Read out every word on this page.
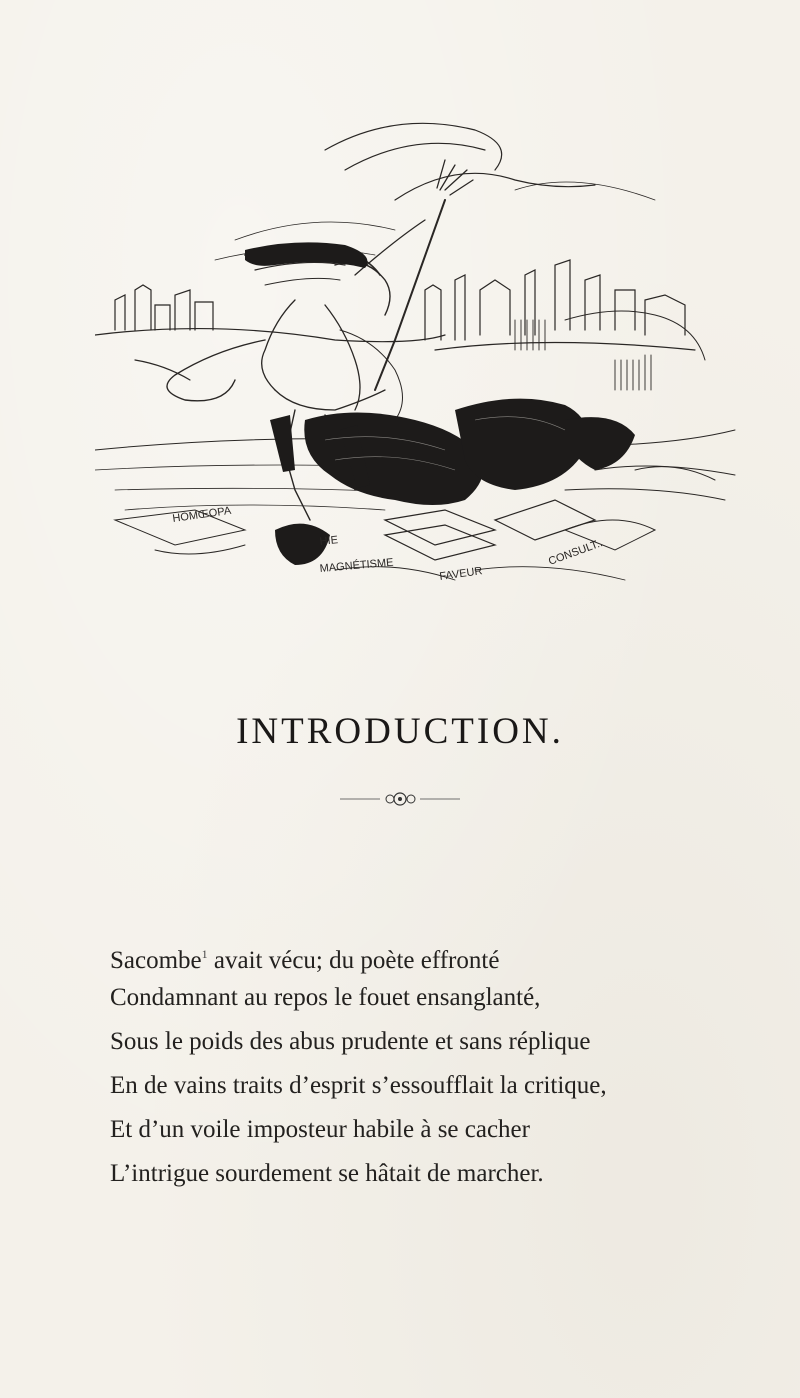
HOMŒOPA
MAGNÉTISME	FAVEUR
CONSULT..
HIE
INTRODUCTION.
Sacombe$^1$ avait vécu; du poète effronté
Condamnant au repos le fouet ensanglanté,
Sous le poids des abus prudente et sans réplique
En de vains traits d’esprit s’essoufflait la critique,
Et d’un voile imposteur habile à se cacher
L’intrigue sourdement se hâtait de marcher.
